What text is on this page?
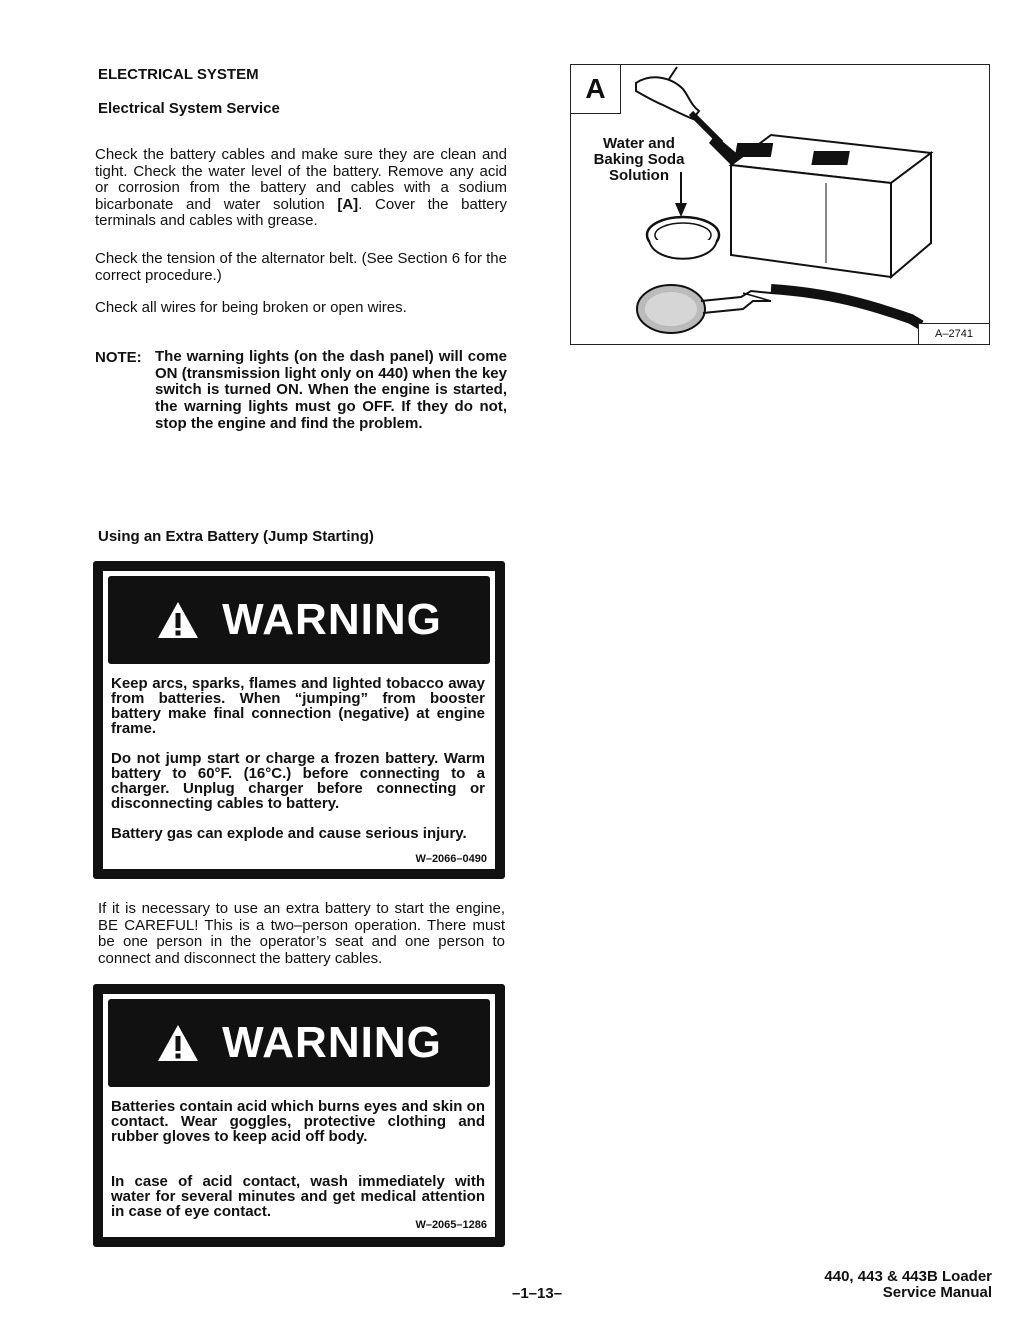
ELECTRICAL SYSTEM
Electrical System Service
Check the battery cables and make sure they are clean and tight. Check the water level of the battery. Remove any acid or corrosion from the battery and cables with a sodium bicarbonate and water solution [A]. Cover the battery terminals and cables with grease.
Check the tension of the alternator belt. (See Section 6 for the correct procedure.)
Check all wires for being broken or open wires.
NOTE: The warning lights (on the dash panel) will come ON (transmission light only on 440) when the key switch is turned ON. When the engine is started, the warning lights must go OFF. If they do not, stop the engine and find the problem.
Using an Extra Battery (Jump Starting)
WARNING
Keep arcs, sparks, flames and lighted tobacco away from batteries. When “jumping” from booster battery make final connection (negative) at engine frame.
Do not jump start or charge a frozen battery. Warm battery to 60°F. (16°C.) before connecting to a charger. Unplug charger before connecting or disconnecting cables to battery.
Battery gas can explode and cause serious injury.
W–2066–0490
If it is necessary to use an extra battery to start the engine, BE CAREFUL! This is a two–person operation. There must be one person in the operator’s seat and one person to connect and disconnect the battery cables.
WARNING
Batteries contain acid which burns eyes and skin on contact. Wear goggles, protective clothing and rubber gloves to keep acid off body.
In case of acid contact, wash immediately with water for several minutes and get medical attention in case of eye contact.
W–2065–1286
A
Water and
Baking Soda
Solution
A–2741
–1–13–
440, 443 & 443B Loader
Service Manual
